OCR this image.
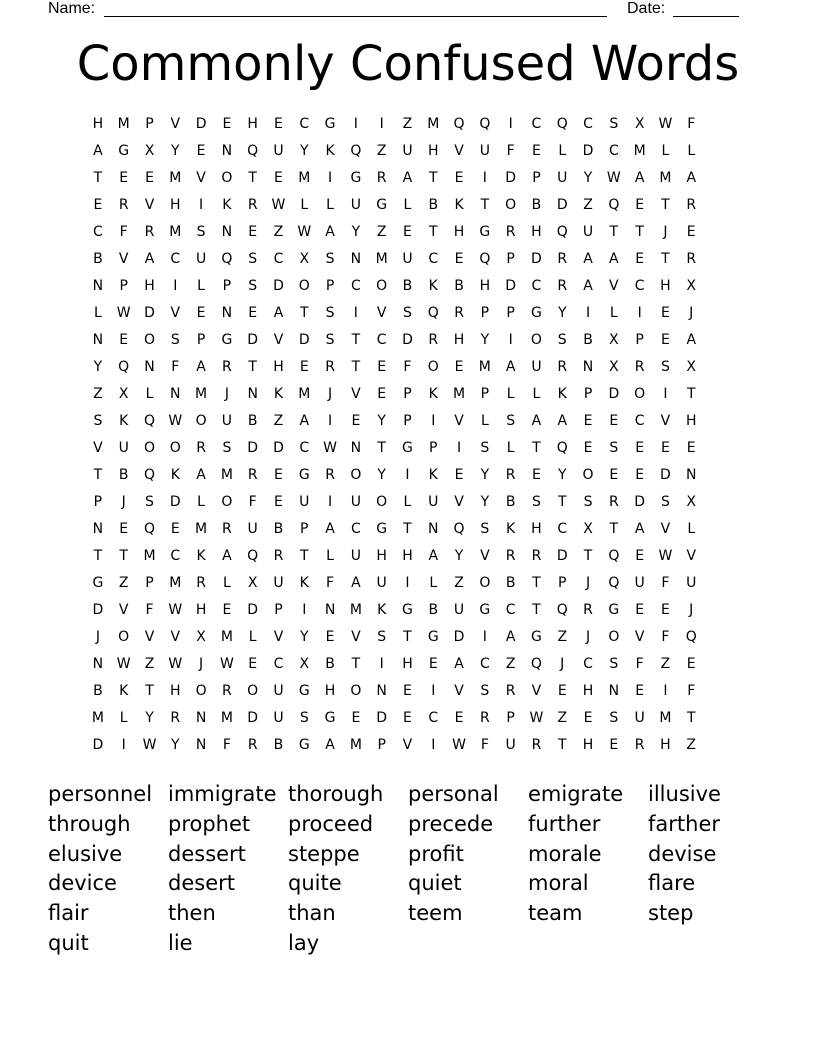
Name:	Date:
Commonly Confused Words
H	M	P	V	D	E	H	E	C	G	I	I	Z	M	Q	Q	I	C	Q	C	S	X	W	F
A	G	X	Y	E	N	Q	U	Y	K	Q	Z	U	H	V	U	F	E	L	D	C	M	L	L
T	E	E	M	V	O	T	E	M	I	G	R	A	T	E	I	D	P	U	Y	W	A	M	A
E	R	V	H	I	K	R	W	L	L	U	G	L	B	K	T	O	B	D	Z	Q	E	T	R
C	F	R	M	S	N	E	Z	W	A	Y	Z	E	T	H	G	R	H	Q	U	T	T	J	E
B	V	A	C	U	Q	S	C	X	S	N	M	U	C	E	Q	P	D	R	A	A	E	T	R
N	P	H	I	L	P	S	D	O	P	C	O	B	K	B	H	D	C	R	A	V	C	H	X
L	W D	V	E	N	E	A	T	S	I	V	S	Q	R	P	P	G	Y	I	L	I	E	J
N	E	O	S	P	G	D	V	D	S	T	C	D	R	H	Y	I	O	S	B	X	P	E	A
Y	Q	N	F	A	R	T	H	E	R	T	E	F	O	E	M	A	U	R	N	X	R	S	X
Z	X	L	N	M	J	N	K	M	J	V	E	P	K	M	P	L	L	K	P	D	O	I	T
S	K	Q W O	U	B	Z	A	I	E	Y	P	I	V	L	S	A	A	E	E	C	V	H
V	U	O	O	R	S	D	D	C W N	T	G	P	I	S	L	T	Q	E	S	E	E	E
T	B	Q	K	A	M	R	E	G	R	O	Y	I	K	E	Y	R	E	Y	O	E	E	D	N
P	J	S	D	L	O	F	E	U	I	U	O	L	U	V	Y	B	S	T	S	R	D	S	X
N	E	Q	E	M	R	U	B	P	A	C	G	T	N	Q	S	K	H	C	X	T	A	V	L
T	T	M	C	K	A	Q	R	T	L	U	H	H	A	Y	V	R	R	D	T	Q	E	W	V
G	Z	P	M	R	L	X	U	K	F	A	U	I	L	Z	O	B	T	P	J	Q	U	F	U
D	V	F	W H	E	D	P	I	N	M	K	G	B	U	G	C	T	Q	R	G	E	E	J
J	O	V	V	X	M	L	V	Y	E	V	S	T	G	D	I	A	G	Z	J	O	V	F	Q
N W	Z	W	J	W	E	C	X	B	T	I	H	E	A	C	Z	Q	J	C	S	F	Z	E
B	K	T	H	O	R	O	U	G	H	O	N	E	I	V	S	R	V	E	H	N	E	I	F
M	L	Y	R	N	M	D	U	S	G	E	D	E	C	E	R	P	W	Z	E	S	U	M	T
D	I	W	Y	N	F	R	B	G	A	M	P	V	I	W	F	U	R	T	H	E	R	H	Z
personnel immigrate thorough	personal	emigrate	illusive
through	prophet	proceed	precede	further	farther
elusive	dessert	steppe	profit	morale	devise
device	desert	quite	quiet	moral	flare
flair	then	than	teem	team	step
quit	lie	lay
